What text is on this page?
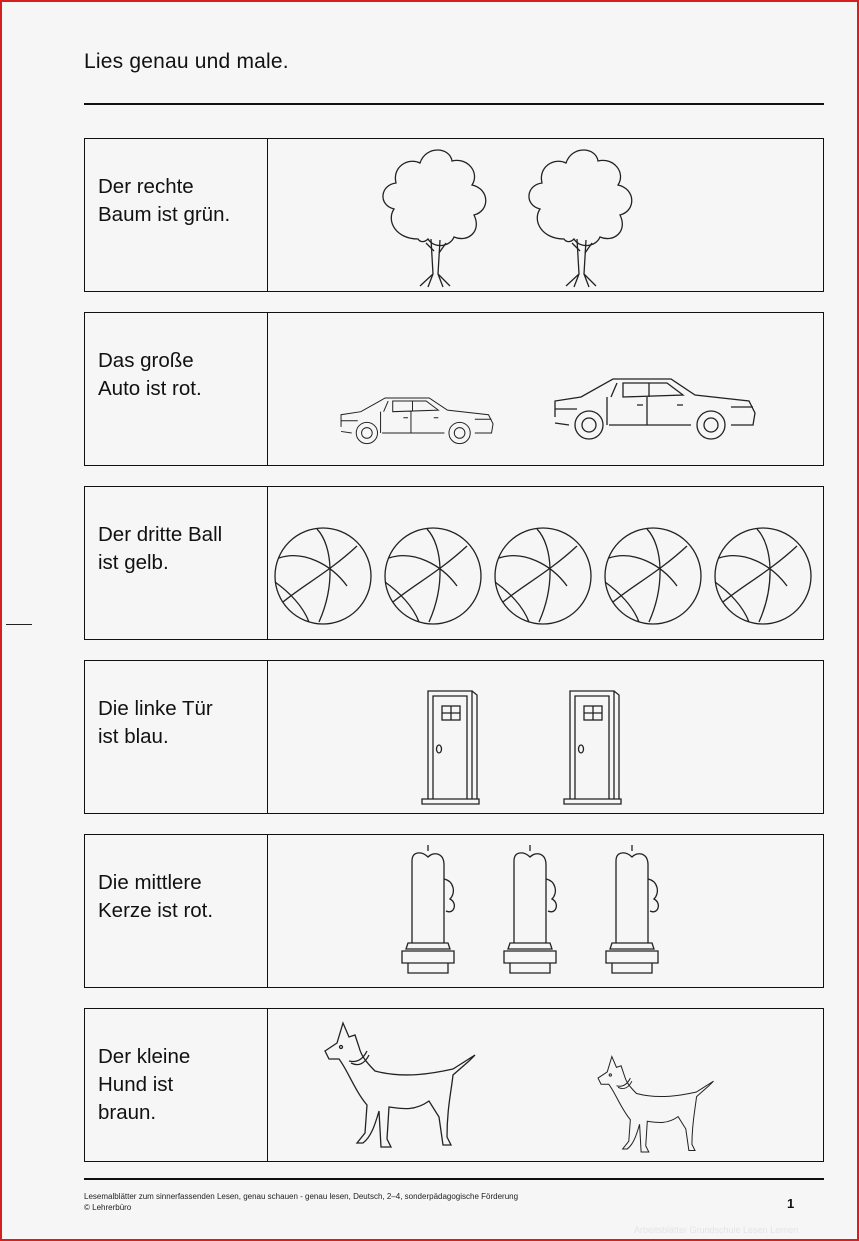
Lies genau und male.
Der rechte
Baum ist grün.
Das große
Auto ist rot.
Der dritte Ball
ist gelb.
Die linke Tür
ist blau.
Die mittlere
Kerze ist rot.
Der kleine
Hund ist
braun.
Lesemalblätter zum sinnerfassenden Lesen, genau schauen - genau lesen, Deutsch, 2–4, sonderpädagogische Förderung
© Lehrerbüro	1
Arbeitsblätter Grundschule Lesen Lernen
